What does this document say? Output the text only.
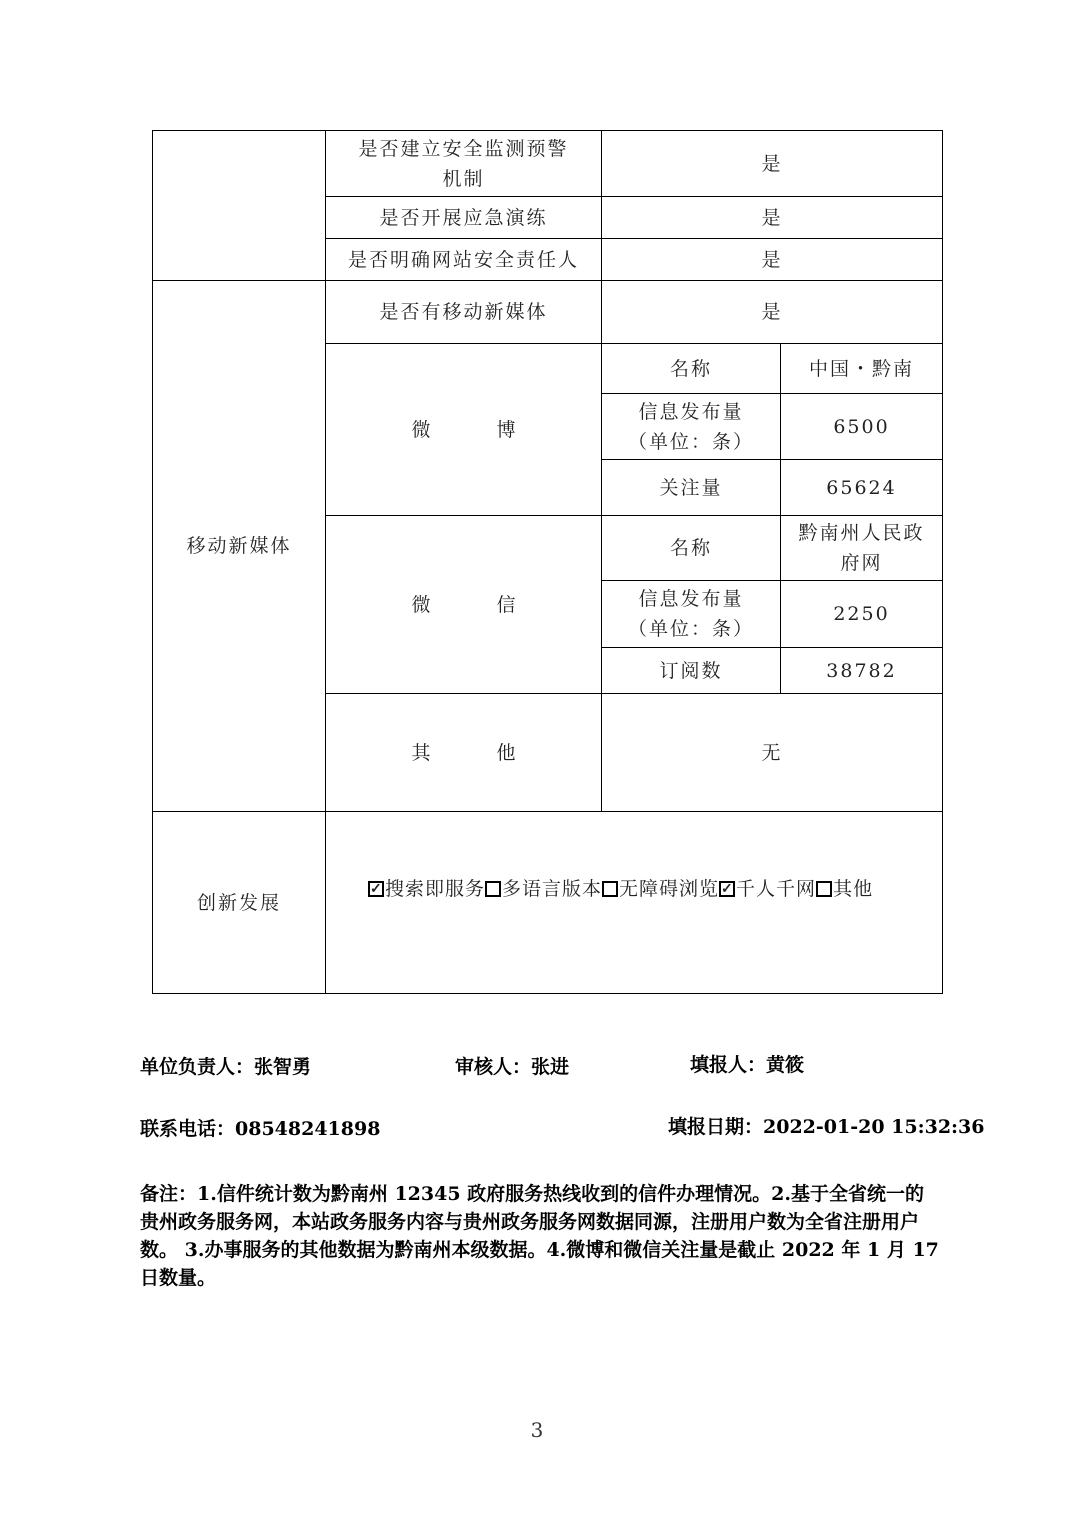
是否建立安全监测预警
机制
是
是否开展应急演练	是
是否明确网站安全责任人	是
移动新媒体
是否有移动新媒体	是
微 博
名称	中国・黔南
信息发布量
（单位：条）
6500
关注量	65624
微 信
名称
黔南州人民政
府网
信息发布量
（单位：条）
2250
订阅数	38782
其 他	无
创新发展
✓搜索即服务 多语言版本 无障碍浏览✓ 千人千网 其他
单位负责人：张智勇	审核人：张进	填报人：黄筱
联系电话：08548241898	填报日期：2022-01-20 15:32:36
备注：1.信件统计数为黔南州 12345 政府服务热线收到的信件办理情况。2.基于全省统一的贵州政务服务网，本站政务服务内容与贵州政务服务网数据同源，注册用户数为全省注册用户数。 3.办事服务的其他数据为黔南州本级数据。4.微博和微信关注量是截止 2022 年 1 月 17 日数量。
3
